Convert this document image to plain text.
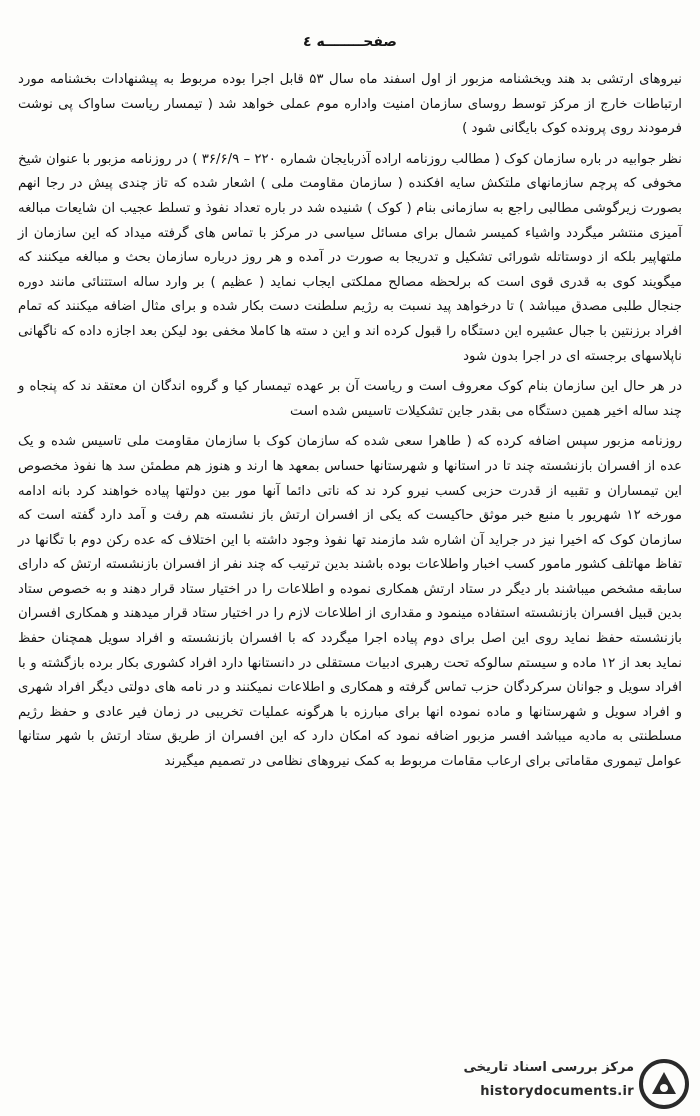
صفحــــــــه ٤

نیروهای ارتشی بد هند ویخشنامه مزبور از اول اسفند ماه سال ۵۳ قابل اجرا بوده مربوط به پیشنهادات بخشنامه مورد ارتباطات خارج از مرکز توسط روسای سازمان امنیت واداره موم عملی خواهد شد ( تیمسار ریاست ساواک پی نوشت فرمودند روی پرونده کوک بایگانی شود )

نظر جوابیه در باره سازمان کوک ( مطالب روزنامه اراده آذربایجان شماره ۲۲۰ – ۳۶/۶/۹ ) در روزنامه مزبور با عنوان شیخ مخوفی که پرچم سازمانهای ملتکش سایه افکنده ( سازمان مقاومت ملی ) اشعار شده که تاز چندی پیش در رجا انهم بصورت زیرگوشی مطالبی راجع به سازمانی بنام ( کوک ) شنیده شد در باره تعداد نفوذ و تسلط عجیب ان شایعات مبالغه آمیزی منتشر میگردد واشیاء کمیسر شمال برای مسائل سیاسی در مرکز با تماس های گرفته میداد که این سازمان از ملتهاپیر بلکه از دوستاتله شورائی تشکیل و تدریجا به صورت در آمده و هر روز درباره سازمان بحث و مبالغه میکنند که میگویند کوی به قدری قوی است که برلحظه مصالح مملکتی ایجاب نماید ( عظیم ) بر وارد ساله استتنائی مانند دوره جنجال طلبی مصدق میباشد ) تا درخواهد پید نسبت به رژیم سلطنت دست بکار شده و برای مثال اضافه میکنند که تمام افراد برزنتین با جبال عشیره این دستگاه را قبول کرده اند و این د سته ها کاملا مخفی بود لیکن بعد اجازه داده که ناگهانی ناپلاسهای برجسته ای در اجرا بدون شود

در هر حال این سازمان بنام کوک معروف است و ریاست آن بر عهده تیمسار کیا و گروه اندگان ان معتقد ند که پنجاه و چند ساله اخیر همین دستگاه می بقدر جاین تشکیلات تاسیس شده است

روزنامه مزبور سپس اضافه کرده که ( طاهرا سعی شده که سازمان کوک با سازمان مقاومت ملی تاسیس شده و یک عده از افسران بازنشسته چند تا در استانها و شهرستانها حساس بمعهد ها ارند و هنوز هم مطمئن سد ها نفوذ مخصوص این تیمساران و تقبیه از قدرت حزبی کسب نیرو کرد ند که ناتی دائما آنها مور بین دولتها پیاده خواهند کرد بانه ادامه مورخه ۱۲ شهریور با منبع خبر موثق حاکیست که یکی از افسران ارتش باز نشسته هم رفت و آمد دارد گفته است که سازمان کوک که اخیرا نیز در جراید آن اشاره شد مازمند تها نفوذ وجود داشته با این اختلاف که عده رکن دوم با تگانها در تفاظ مهاتلف کشور مامور کسب اخبار واطلاعات بوده باشند بدین ترتیب که چند نفر از افسران بازنشسته ارتش که دارای سابقه مشخص میباشند بار دیگر در ستاد ارتش همکاری نموده و اطلاعات را در اختیار ستاد قرار دهند و به خصوص ستاد بدین قبیل افسران بازنشسته استفاده مینمود و مقداری از اطلاعات لازم را در اختیار ستاد قرار میدهند و همکاری افسران بازنشسته حفظ نماید روی این اصل برای دوم پیاده اجرا میگردد که با افسران بازنشسته و افراد سویل همچنان حفظ نماید بعد از ۱۲ ماده و سیستم سالوکه تحت رهبری ادبیات مستقلی در دانستانها دارد افراد کشوری بکار برده بازگشته و با افراد سویل و جوانان سرکردگان حزب تماس گرفته و همکاری و اطلاعات نمیکنند و در نامه های دولتی دیگر افراد شهری و افراد سویل و شهرستانها و ماده نموده انها برای مبارزه با هرگونه عملیات تخریبی در زمان فیر عادی و حفظ رژیم مسلطنتی به مادیه میباشد افسر مزبور اضافه نمود که امکان دارد که این افسران از طریق ستاد ارتش با شهر ستانها عوامل تیموری مقاماتی برای ارعاب مقامات مربوط به کمک نیروهای نظامی در تصمیم میگیرند

مرکز بررسی اسناد تاریخی
historydocuments.ir
